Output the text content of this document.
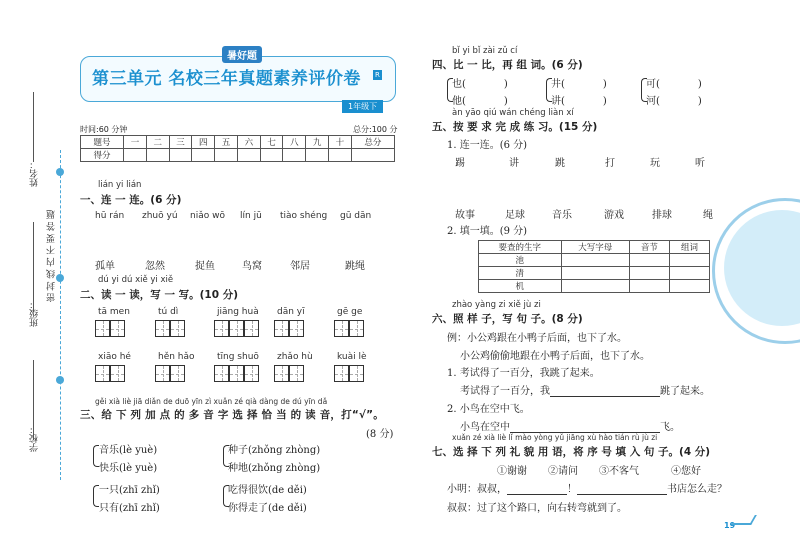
密 封 线 内 不 要 答 题
姓名：
班级：
学校：
暑好题
第三单元 名校三年真题素养评价卷 R
1年级下
时间:60 分钟	总分:100 分
题号	一	二	三	四	五	六	七	八	九	十	总分
得分											
lián yi lián
一、连 一 连。(6 分)
dú yi dú xiě yi xiě
二、读 一 读，写 一 写。(10 分)
gěi xià liè jiā diǎn de duō yīn zì xuǎn zé qià dàng de dú yīn dǎ
三、给 下 列 加 点 的 多 音 字 选 择 恰 当 的 读 音，打“√”。
(8 分)
bǐ yi bǐ zài zǔ cí
四、比 一 比，再 组 词。(6 分)
àn yāo qiú wán chéng liàn xí
五、按 要 求 完 成 练 习。(15 分)
1. 连一连。(6 分)
2. 填一填。(9 分)
要查的生字	大写字母	音节	组词
池			
清			
机			
zhào yàng zi xiě jù zi
六、照 样 子，写 句 子。(8 分)
例：小公鸡跟在小鸭子后面，也下了水。
小公鸡偷偷地跟在小鸭子后面，也下了水。
1. 考试得了一百分，我跳了起来。
考试得了一百分，我	跳了起来。
2. 小鸟在空中飞。
小鸟在空中	飞。
xuǎn zé xià liè lǐ mào yòng yǔ jiāng xù hào tián rù jù zi
七、选 择 下 列 礼 貌 用 语，将 序 号 填 入 句 子。(4 分)
小明：叔叔，	！	书店怎么走？
叔叔：过了这个路口，向右转弯就到了。
19
hū rán zhuō yú niǎo wō lín jū tiào shéng gū dān
孤单	忽然	捉鱼	鸟窝	邻居	跳绳
tā men	tú dì	jiāng huà dān yī	gē ge
xiāo hé	hěn hǎo tīng shuō zhǎo hù	kuài lè
音乐(lè yuè)
快乐(lè yuè)
种子(zhǒng zhòng)
种地(zhǒng zhòng)
一只(zhī zhǐ)
只有(zhī zhǐ)
吃得很饮(de děi)
你得走了(de děi)
也(	)
他(	)
井(	)
讲(	)
可(	)
河(	)
踢	讲	跳	打	玩	听
故事	足球	音乐	游戏	排球	绳
①谢谢 ②请问 ③不客气	④您好
